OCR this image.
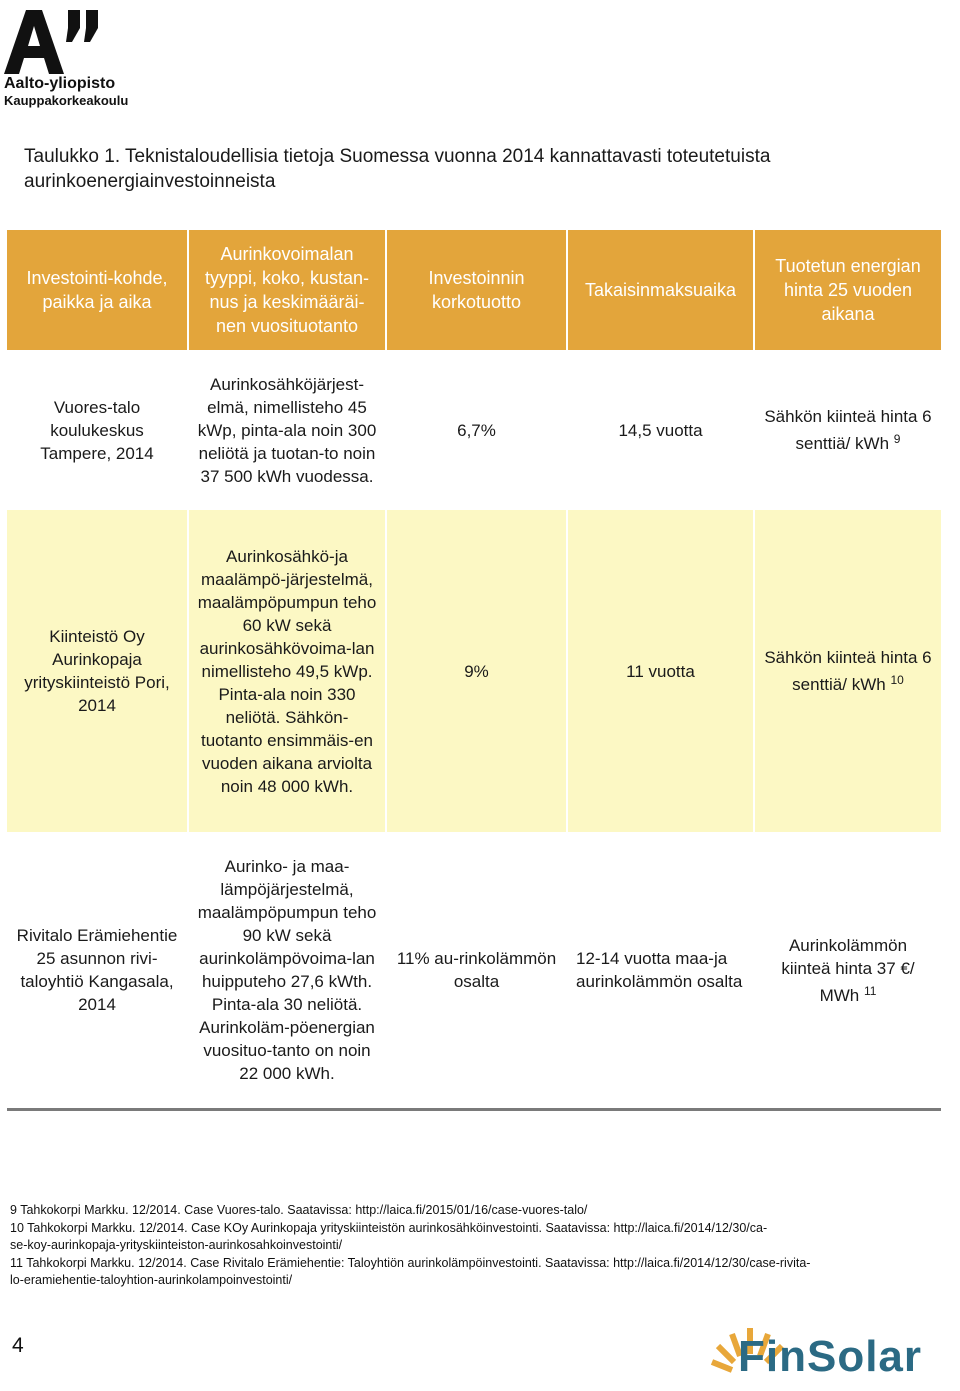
Aalto-yliopisto
Kauppakorkeakoulu
Taulukko 1. Teknistaloudellisia tietoja Suomessa vuonna 2014 kannattavasti toteutetuista aurinkoenergiainvestoinneista
Investointi-kohde, paikka ja aika	Aurinkovoimalan tyyppi, koko, kustan-nus ja keskimääräi-nen vuosituotanto	Investoinnin korkotuotto	Takaisinmaksuaika	Tuotetun energian hinta 25 vuoden aikana
Vuores-talo koulukeskus Tampere, 2014	Aurinkosähköjärjest-elmä, nimellisteho 45 kWp, pinta-ala noin 300 neliötä ja tuotan-to noin 37 500 kWh vuodessa.	6,7%	14,5 vuotta	Sähkön kiinteä hinta 6 senttiä/ kWh $^9$
Kiinteistö Oy Aurinkopaja yrityskiinteistö Pori, 2014	Aurinkosähkö-ja maalämpö-järjestelmä, maalämpöpumpun teho 60 kW sekä aurinkosähkövoima-lan nimellisteho 49,5 kWp. Pinta-ala noin 330 neliötä. Sähkön-tuotanto ensimmäis-en vuoden aikana arviolta noin 48 000 kWh.	9%	11 vuotta	Sähkön kiinteä hinta 6 senttiä/ kWh $^{10}$
Rivitalo Erämiehentie 25 asunnon rivi-taloyhtiö Kangasala, 2014	Aurinko- ja maa-lämpöjärjestelmä, maalämpöpumpun teho 90 kW sekä aurinkolämpövoima-lan huipputeho 27,6 kWth. Pinta-ala 30 neliötä. Aurinkoläm-pöenergian vuosituo-tanto on noin 22 000 kWh.	11% au-rinkolämmön osalta	12-14 vuotta maa-ja aurinkolämmön osalta	Aurinkolämmön kiinteä hinta 37 €/ MWh $^{11}$
9 Tahkokorpi Markku. 12/2014. Case Vuores-talo. Saatavissa: http://laica.fi/2015/01/16/case-vuores-talo/
10 Tahkokorpi Markku. 12/2014. Case KOy Aurinkopaja yrityskiinteistön aurinkosähköinvestointi. Saatavissa: http://laica.fi/2014/12/30/ca-
se-koy-aurinkopaja-yrityskiinteiston-aurinkosahkoinvestointi/
11 Tahkokorpi Markku. 12/2014. Case Rivitalo Erämiehentie: Taloyhtiön aurinkolämpöinvestointi. Saatavissa: http://laica.fi/2014/12/30/case-rivita-
lo-eramiehentie-taloyhtion-aurinkolampoinvestointi/
4	FinSolar
